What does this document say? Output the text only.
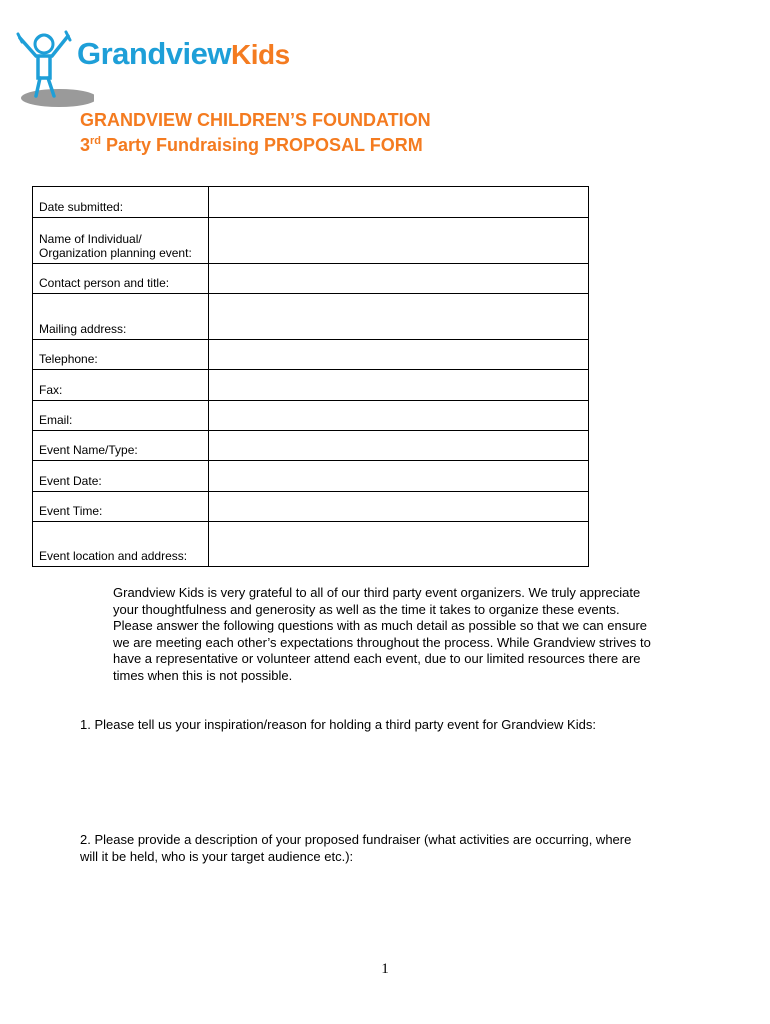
GrandviewKids
GRANDVIEW CHILDREN’S FOUNDATION
3rd Party Fundraising PROPOSAL FORM
Date submitted:	
Name of Individual/ Organization planning event:	
Contact person and title:	
Mailing address:	
Telephone:	
Fax:	
Email:	
Event Name/Type:	
Event Date:	
Event Time:	
Event location and address:	
Grandview Kids is very grateful to all of our third party event organizers. We truly appreciate your thoughtfulness and generosity as well as the time it takes to organize these events. Please answer the following questions with as much detail as possible so that we can ensure we are meeting each other’s expectations throughout the process. While Grandview strives to have a representative or volunteer attend each event, due to our limited resources there are times when this is not possible.
1. Please tell us your inspiration/reason for holding a third party event for Grandview Kids:
2. Please provide a description of your proposed fundraiser (what activities are occurring, where will it be held, who is your target audience etc.):
1
